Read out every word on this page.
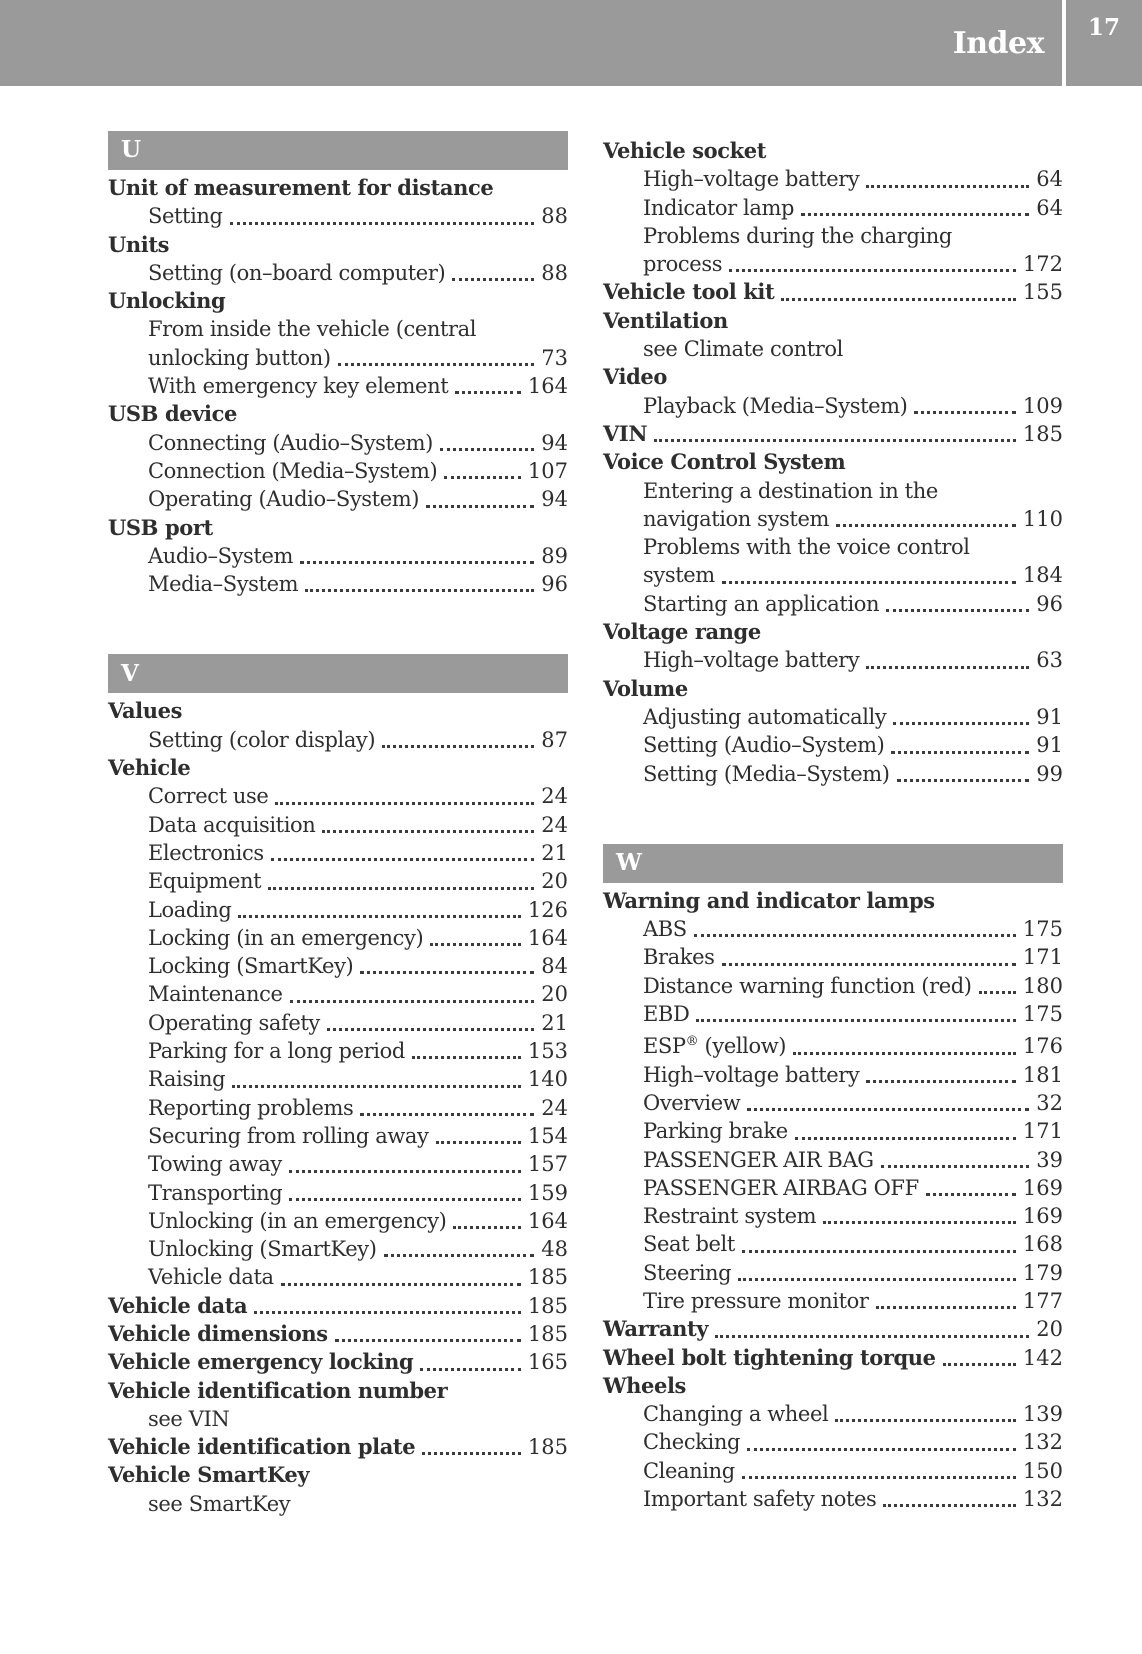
Index	17
U
Unit of measurement for distance
Setting	88
Units
Setting (on–board computer)	88
Unlocking
From inside the vehicle (central
unlocking button)	73
With emergency key element	164
USB device
Connecting (Audio–System)	94
Connection (Media–System)	107
Operating (Audio–System)	94
USB port
Audio–System	89
Media–System	96
V
Values
Setting (color display)	87
Vehicle
Correct use	24
Data acquisition	24
Electronics	21
Equipment	20
Loading	126
Locking (in an emergency)	164
Locking (SmartKey)	84
Maintenance	20
Operating safety	21
Parking for a long period	153
Raising	140
Reporting problems	24
Securing from rolling away	154
Towing away	157
Transporting	159
Unlocking (in an emergency)	164
Unlocking (SmartKey)	48
Vehicle data	185
Vehicle data	185
Vehicle dimensions	185
Vehicle emergency locking	165
Vehicle identification number
see VIN
Vehicle identification plate	185
Vehicle SmartKey
see SmartKey
Vehicle socket
High–voltage battery	64
Indicator lamp	64
Problems during the charging
process	172
Vehicle tool kit	155
Ventilation
see Climate control
Video
Playback (Media–System)	109
VIN	185
Voice Control System
Entering a destination in the
navigation system	110
Problems with the voice control
system	184
Starting an application	96
Voltage range
High–voltage battery	63
Volume
Adjusting automatically	91
Setting (Audio–System)	91
Setting (Media–System)	99
W
Warning and indicator lamps
ABS	175
Brakes	171
Distance warning function (red) 180
EBD	175
ESP® (yellow)	176
High–voltage battery	181
Overview	32
Parking brake	171
PASSENGER AIR BAG	39
PASSENGER AIRBAG OFF	169
Restraint system	169
Seat belt	168
Steering	179
Tire pressure monitor	177
Warranty	20
Wheel bolt tightening torque	142
Wheels
Changing a wheel	139
Checking	132
Cleaning	150
Important safety notes	132
